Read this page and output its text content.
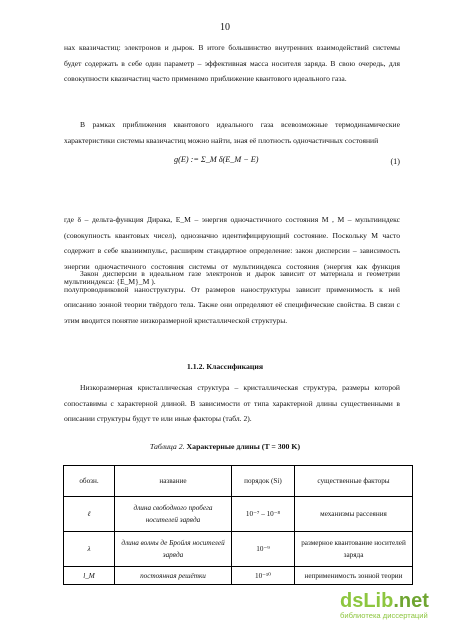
10
нах квазичастиц: электронов и дырок. В итоге большинство внутренних взаимодействий системы будет содержать в себе один параметр – эффективная масса носителя заряда. В свою очередь, для совокупности квазичастиц часто применимо приближение квантового идеального газа.
В рамках приближения квантового идеального газа всевозможные термодинамические характеристики системы квазичастиц можно найти, зная её плотность одночастичных состояний
g(E) := Σ_M δ(E_M − E)	(1)
где δ – дельта-функция Дирака, E_M – энергия одночастичного состояния M , M – мультииндекс (совокупность квантовых чисел), однозначно идентифицирующий состояние. Поскольку M часто содержит в себе квазиимпульс, расширим стандартное определение: закон дисперсии – зависимость энергии одночастичного состояния системы от мультииндекса состояния (энергия как функция мультииндекса: {E_M}_M ).
Закон дисперсии в идеальном газе электронов и дырок зависит от материала и геометрии полупроводниковой наноструктуры. От размеров наноструктуры зависит применимость к ней описанию зонной теории твёрдого тела. Также они определяют её специфические свойства. В связи с этим вводится понятие низкоразмерной кристаллической структуры.
1.1.2. Классификация
Низкоразмерная кристаллическая структура – кристаллическая структура, размеры которой сопоставимы с характерной длиной. В зависимости от типа характерной длины существенными в описании структуры будут те или иные факторы (табл. 2).
Таблица 2. Характерные длины (T = 300 K)
обозн.	название	порядок (Si)	существенные факторы
ℓ	длина свободного пробега носителей заряда	10⁻⁷ – 10⁻⁸	механизмы рассеяния
λ	длина волны де Бройля носителей заряда	10⁻⁹	размерное квантование носителей заряда
l_M	постоянная решётки	10⁻¹⁰	неприменимость зонной теории
dsLib.net
библиотека диссертаций
